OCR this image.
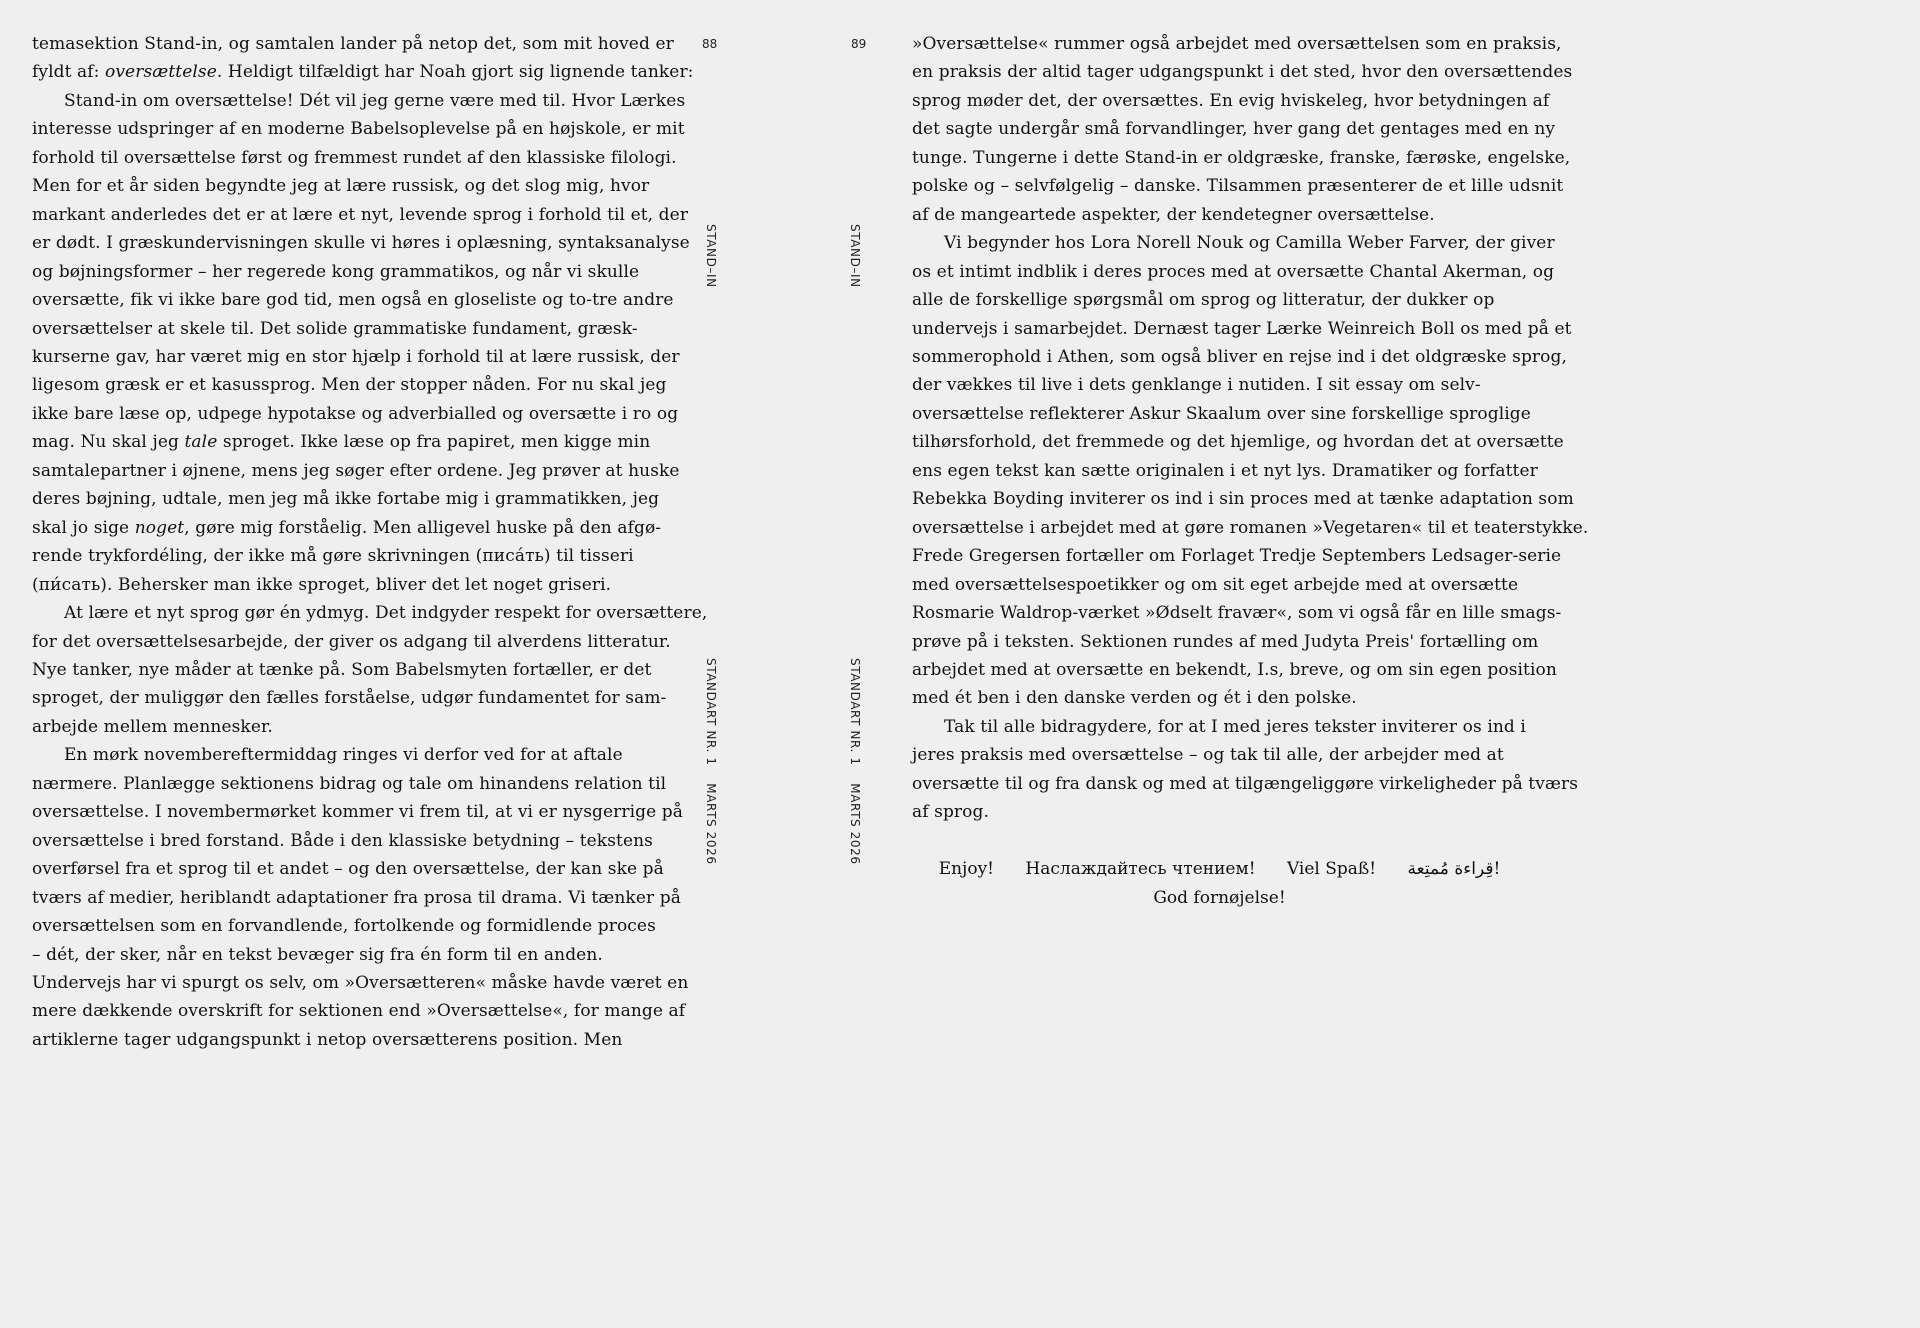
temasektion Stand-in, og samtalen lander på netop det, som mit hoved er

fyldt af: oversættelse. Heldigt tilfældigt har Noah gjort sig lignende tanker:

Stand-in om oversættelse! Dét vil jeg gerne være med til. Hvor Lærkes

interesse udspringer af en moderne Babelsoplevelse på en højskole, er mit

forhold til oversættelse først og fremmest rundet af den klassiske filologi.

Men for et år siden begyndte jeg at lære russisk, og det slog mig, hvor

markant anderledes det er at lære et nyt, levende sprog i forhold til et, der

er dødt. I græskundervisningen skulle vi høres i oplæsning, syntaksanalyse

og bøjningsformer – her regerede kong grammatikos, og når vi skulle

oversætte, fik vi ikke bare god tid, men også en gloseliste og to-tre andre

oversættelser at skele til. Det solide grammatiske fundament, græsk-

kurserne gav, har været mig en stor hjælp i forhold til at lære russisk, der

ligesom græsk er et kasussprog. Men der stopper nåden. For nu skal jeg

ikke bare læse op, udpege hypotakse og adverbialled og oversætte i ro og

mag. Nu skal jeg tale sproget. Ikke læse op fra papiret, men kigge min

samtalepartner i øjnene, mens jeg søger efter ordene. Jeg prøver at huske

deres bøjning, udtale, men jeg må ikke fortabe mig i grammatikken, jeg

skal jo sige noget, gøre mig forståelig. Men alligevel huske på den afgø-

rende trykfordéling, der ikke må gøre skrivningen (писáть) til tisseri

(пи́сать). Behersker man ikke sproget, bliver det let noget griseri.

At lære et nyt sprog gør én ydmyg. Det indgyder respekt for oversættere,

for det oversættelsesarbejde, der giver os adgang til alverdens litteratur.

Nye tanker, nye måder at tænke på. Som Babelsmyten fortæller, er det

sproget, der muliggør den fælles forståelse, udgør fundamentet for sam-

arbejde mellem mennesker.

En mørk novembereftermiddag ringes vi derfor ved for at aftale

nærmere. Planlægge sektionens bidrag og tale om hinandens relation til

oversættelse. I novembermørket kommer vi frem til, at vi er nysgerrige på

oversættelse i bred forstand. Både i den klassiske betydning – tekstens

overførsel fra et sprog til et andet – og den oversættelse, der kan ske på

tværs af medier, heriblandt adaptationer fra prosa til drama. Vi tænker på

oversættelsen som en forvandlende, fortolkende og formidlende proces

– dét, der sker, når en tekst bevæger sig fra én form til en anden.

Undervejs har vi spurgt os selv, om »Oversætteren« måske havde været en

mere dækkende overskrift for sektionen end »Oversættelse«, for mange af

artiklerne tager udgangspunkt i netop oversætterens position. Men

88
STAND–IN
STANDART NR. 1    MARTS 2026
89
STAND–IN
STANDART NR. 1    MARTS 2026

»Oversættelse« rummer også arbejdet med oversættelsen som en praksis,

en praksis der altid tager udgangspunkt i det sted, hvor den oversættendes

sprog møder det, der oversættes. En evig hviskeleg, hvor betydningen af

det sagte undergår små forvandlinger, hver gang det gentages med en ny

tunge. Tungerne i dette Stand-in er oldgræske, franske, færøske, engelske,

polske og – selvfølgelig – danske. Tilsammen præsenterer de et lille udsnit

af de mangeartede aspekter, der kendetegner oversættelse.

Vi begynder hos Lora Norell Nouk og Camilla Weber Farver, der giver

os et intimt indblik i deres proces med at oversætte Chantal Akerman, og

alle de forskellige spørgsmål om sprog og litteratur, der dukker op

undervejs i samarbejdet. Dernæst tager Lærke Weinreich Boll os med på et

sommerophold i Athen, som også bliver en rejse ind i det oldgræske sprog,

der vækkes til live i dets genklange i nutiden. I sit essay om selv-

oversættelse reflekterer Askur Skaalum over sine forskellige sproglige

tilhørsforhold, det fremmede og det hjemlige, og hvordan det at oversætte

ens egen tekst kan sætte originalen i et nyt lys. Dramatiker og forfatter

Rebekka Boyding inviterer os ind i sin proces med at tænke adaptation som

oversættelse i arbejdet med at gøre romanen »Vegetaren« til et teaterstykke.

Frede Gregersen fortæller om Forlaget Tredje Septembers Ledsager-serie

med oversættelsespoetikker og om sit eget arbejde med at oversætte

Rosmarie Waldrop-værket »Ødselt fravær«, som vi også får en lille smags-

prøve på i teksten. Sektionen rundes af med Judyta Preis' fortælling om

arbejdet med at oversætte en bekendt, I.s, breve, og om sin egen position

med ét ben i den danske verden og ét i den polske.

Tak til alle bidragydere, for at I med jeres tekster inviterer os ind i

jeres praksis med oversættelse – og tak til alle, der arbejder med at

oversætte til og fra dansk og med at tilgængeliggøre virkeligheder på tværs

af sprog.

Enjoy! Наслаждайтесь чтением! Viel Spaß! !قِراءة مُمتِعة
God fornøjelse!
